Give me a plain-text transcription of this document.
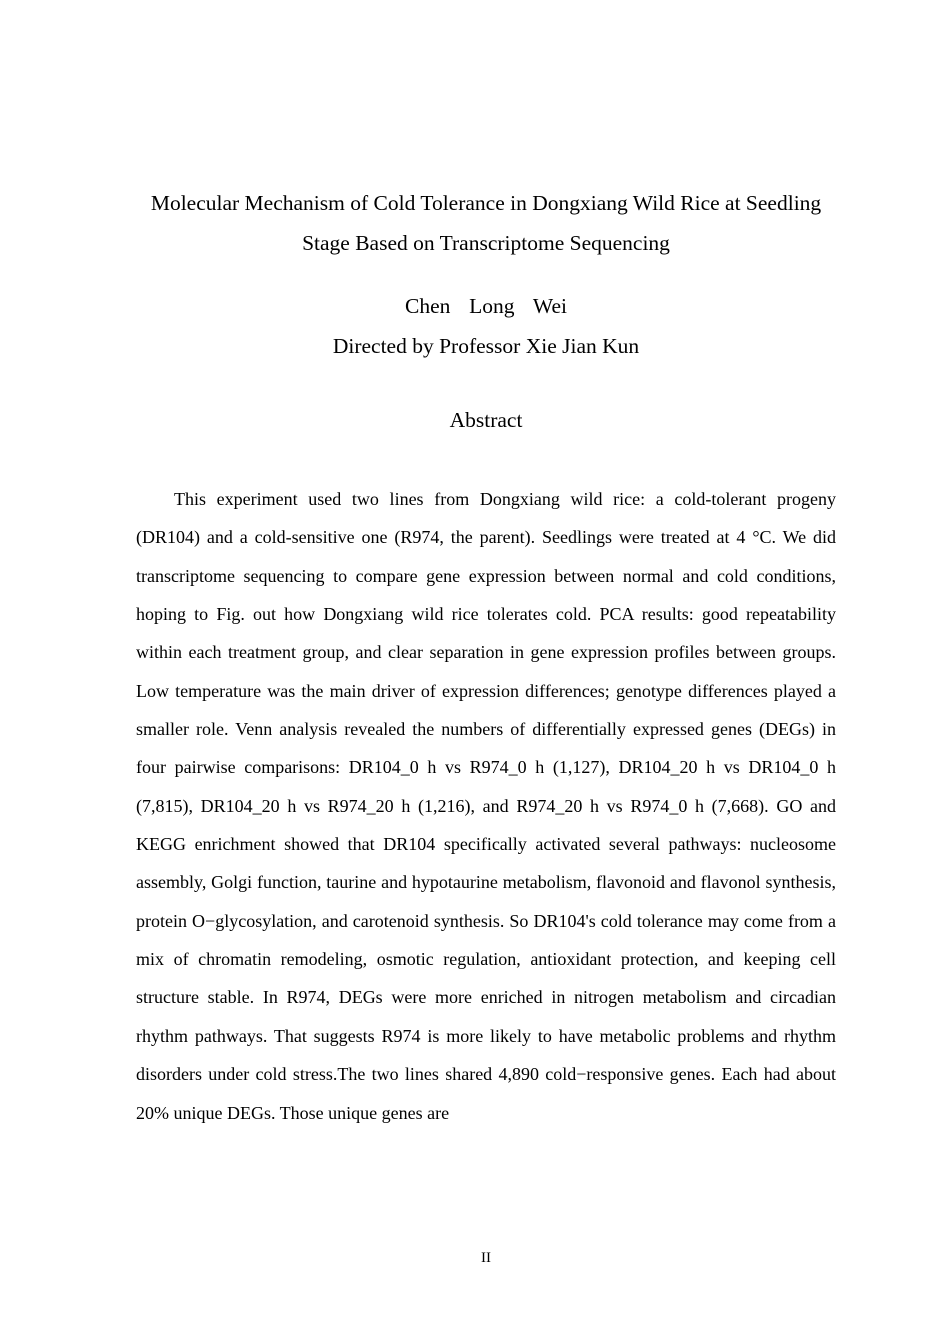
Molecular Mechanism of Cold Tolerance in Dongxiang Wild Rice at Seedling
Stage Based on Transcriptome Sequencing
Chen  Long  Wei
Directed by Professor Xie Jian Kun
Abstract

This experiment used two lines from Dongxiang wild rice: a cold-tolerant progeny (DR104) and a cold-sensitive one (R974, the parent). Seedlings were treated at 4 °C. We did transcriptome sequencing to compare gene expression between normal and cold conditions, hoping to Fig. out how Dongxiang wild rice tolerates cold. PCA results: good repeatability within each treatment group, and clear separation in gene expression profiles between groups. Low temperature was the main driver of expression differences; genotype differences played a smaller role. Venn analysis revealed the numbers of differentially expressed genes (DEGs) in four pairwise comparisons: DR104_0 h vs R974_0 h (1,127), DR104_20 h vs DR104_0 h (7,815), DR104_20 h vs R974_20 h (1,216), and R974_20 h vs R974_0 h (7,668). GO and KEGG enrichment showed that DR104 specifically activated several pathways: nucleosome assembly, Golgi function, taurine and hypotaurine metabolism, flavonoid and flavonol synthesis, protein O−glycosylation, and carotenoid synthesis. So DR104's cold tolerance may come from a mix of chromatin remodeling, osmotic regulation, antioxidant protection, and keeping cell structure stable. In R974, DEGs were more enriched in nitrogen metabolism and circadian rhythm pathways. That suggests R974 is more likely to have metabolic problems and rhythm disorders under cold stress.The two lines shared 4,890 cold−responsive genes. Each had about 20% unique DEGs. Those unique genes are

II
